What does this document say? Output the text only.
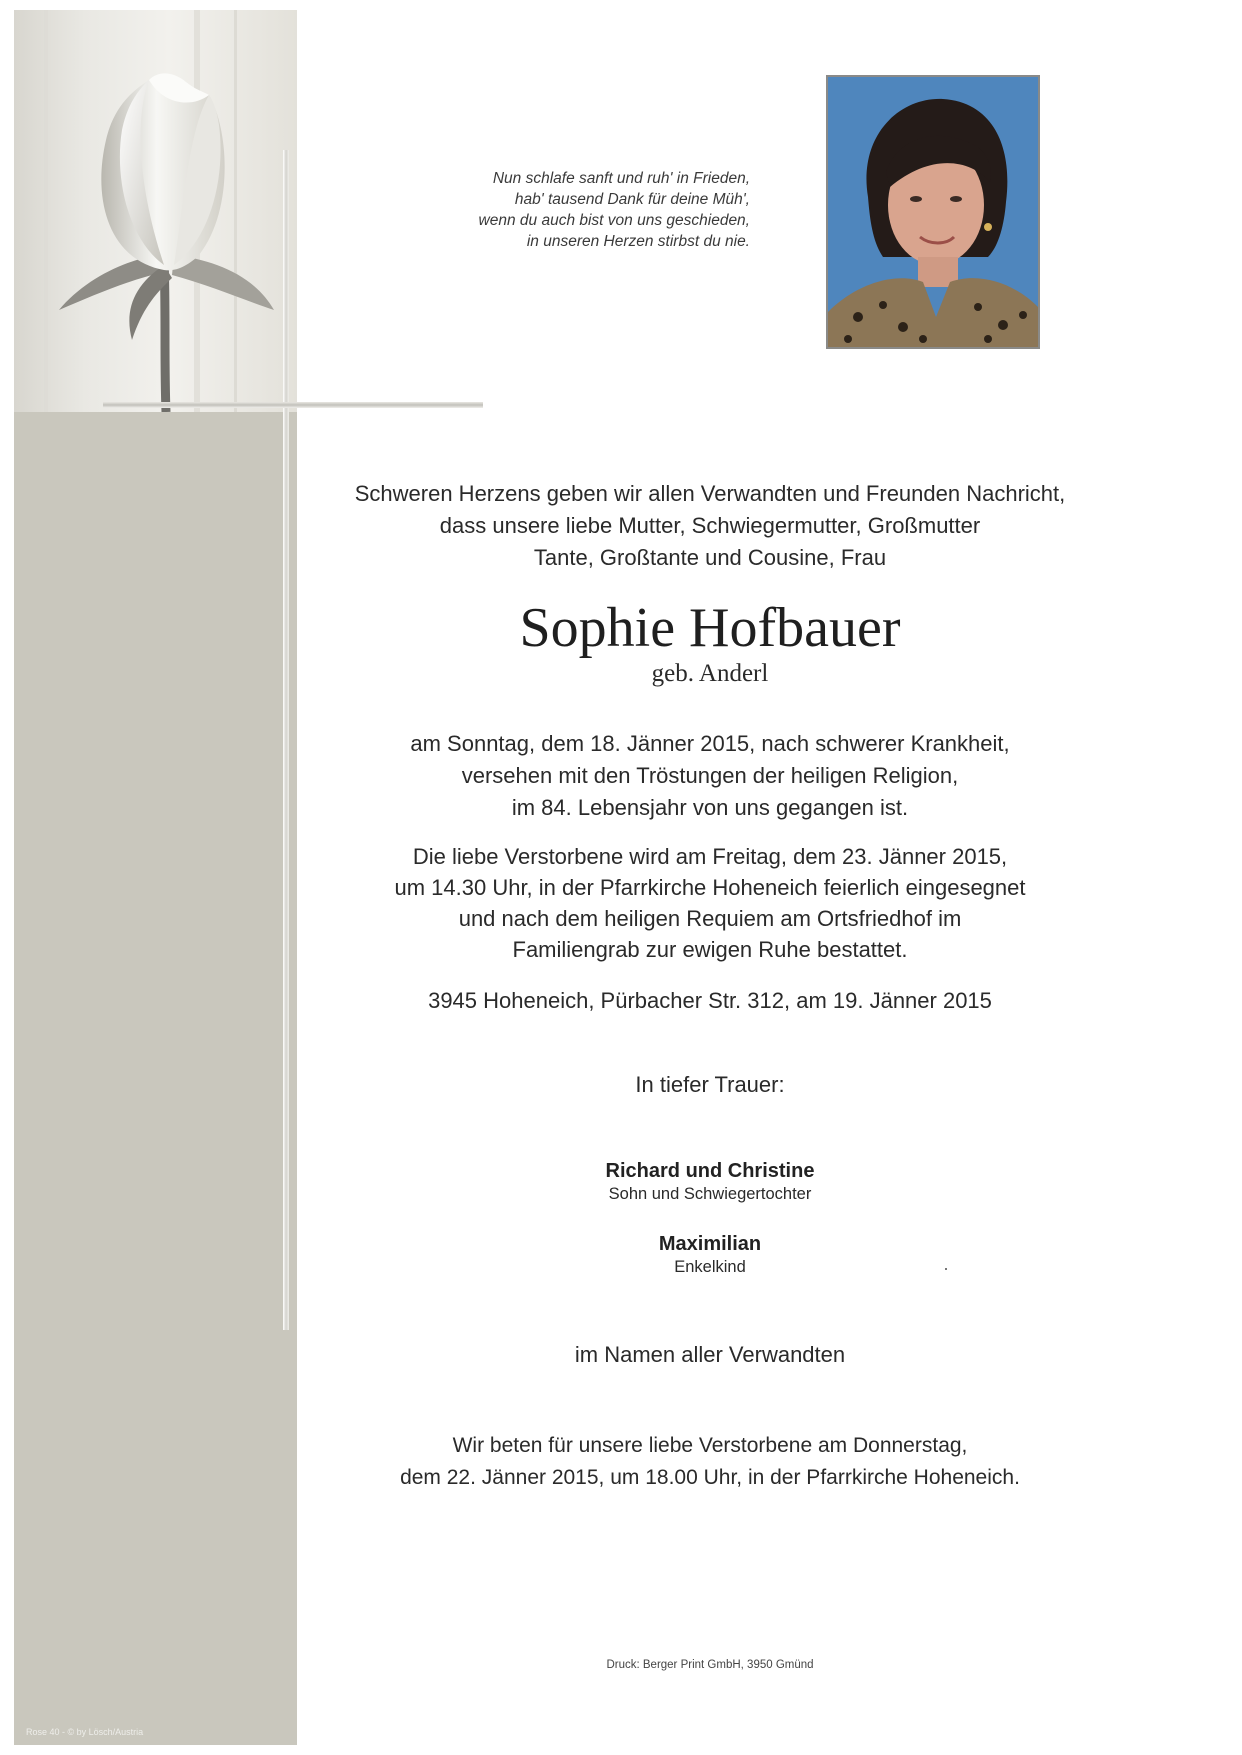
Rose 40 - © by Lösch/Austria
Nun schlafe sanft und ruh' in Frieden,
hab' tausend Dank für deine Müh',
wenn du auch bist von uns geschieden,
in unseren Herzen stirbst du nie.
Schweren Herzens geben wir allen Verwandten und Freunden Nachricht,
dass unsere liebe Mutter, Schwiegermutter, Großmutter
Tante, Großtante und Cousine, Frau
Sophie Hofbauer
geb. Anderl
am Sonntag, dem 18. Jänner 2015, nach schwerer Krankheit,
versehen mit den Tröstungen der heiligen Religion,
im 84. Lebensjahr von uns gegangen ist.
Die liebe Verstorbene wird am Freitag, dem 23. Jänner 2015,
um 14.30 Uhr, in der Pfarrkirche Hoheneich feierlich eingesegnet
und nach dem heiligen Requiem am Ortsfriedhof im
Familiengrab zur ewigen Ruhe bestattet.
3945 Hoheneich, Pürbacher Str. 312, am 19. Jänner 2015
In tiefer Trauer:
Richard und Christine
Sohn und Schwiegertochter
Maximilian
Enkelkind
im Namen aller Verwandten
Wir beten für unsere liebe Verstorbene am Donnerstag,
dem 22. Jänner 2015, um 18.00 Uhr, in der Pfarrkirche Hoheneich.
Druck: Berger Print GmbH, 3950 Gmünd
